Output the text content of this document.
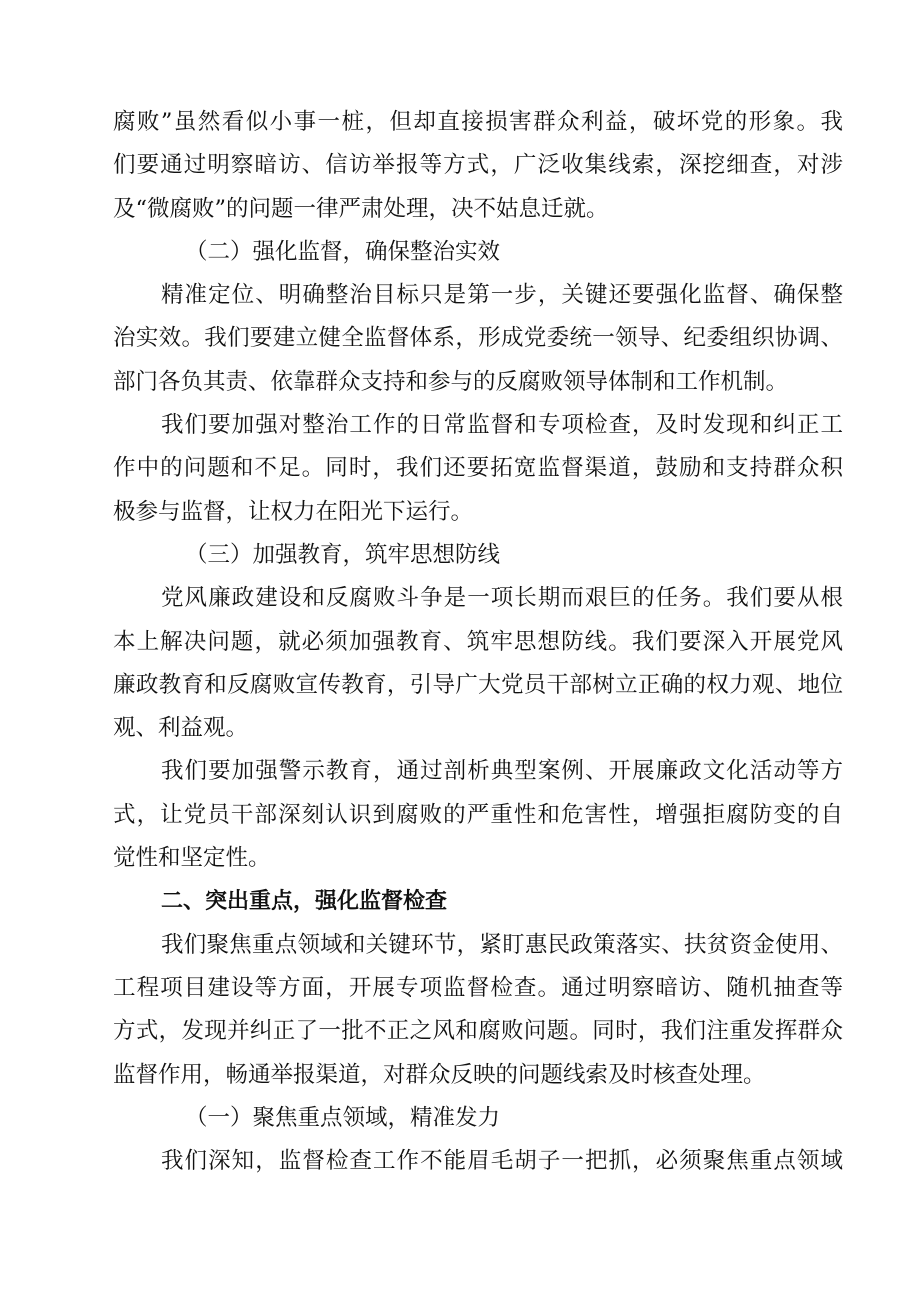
腐败”虽然看似小事一桩，但却直接损害群众利益，破坏党的形象。我
们要通过明察暗访、信访举报等方式，广泛收集线索，深挖细查，对涉
及“微腐败”的问题一律严肃处理，决不姑息迁就。
（二）强化监督，确保整治实效
精准定位、明确整治目标只是第一步，关键还要强化监督、确保整
治实效。我们要建立健全监督体系，形成党委统一领导、纪委组织协调、
部门各负其责、依靠群众支持和参与的反腐败领导体制和工作机制。
我们要加强对整治工作的日常监督和专项检查，及时发现和纠正工
作中的问题和不足。同时，我们还要拓宽监督渠道，鼓励和支持群众积
极参与监督，让权力在阳光下运行。
（三）加强教育，筑牢思想防线
党风廉政建设和反腐败斗争是一项长期而艰巨的任务。我们要从根
本上解决问题，就必须加强教育、筑牢思想防线。我们要深入开展党风
廉政教育和反腐败宣传教育，引导广大党员干部树立正确的权力观、地位
观、利益观。
我们要加强警示教育，通过剖析典型案例、开展廉政文化活动等方
式，让党员干部深刻认识到腐败的严重性和危害性，增强拒腐防变的自
觉性和坚定性。
二、突出重点，强化监督检查
我们聚焦重点领域和关键环节，紧盯惠民政策落实、扶贫资金使用、
工程项目建设等方面，开展专项监督检查。通过明察暗访、随机抽查等
方式，发现并纠正了一批不正之风和腐败问题。同时，我们注重发挥群众
监督作用，畅通举报渠道，对群众反映的问题线索及时核查处理。
（一）聚焦重点领域，精准发力
我们深知，监督检查工作不能眉毛胡子一把抓，必须聚焦重点领域
